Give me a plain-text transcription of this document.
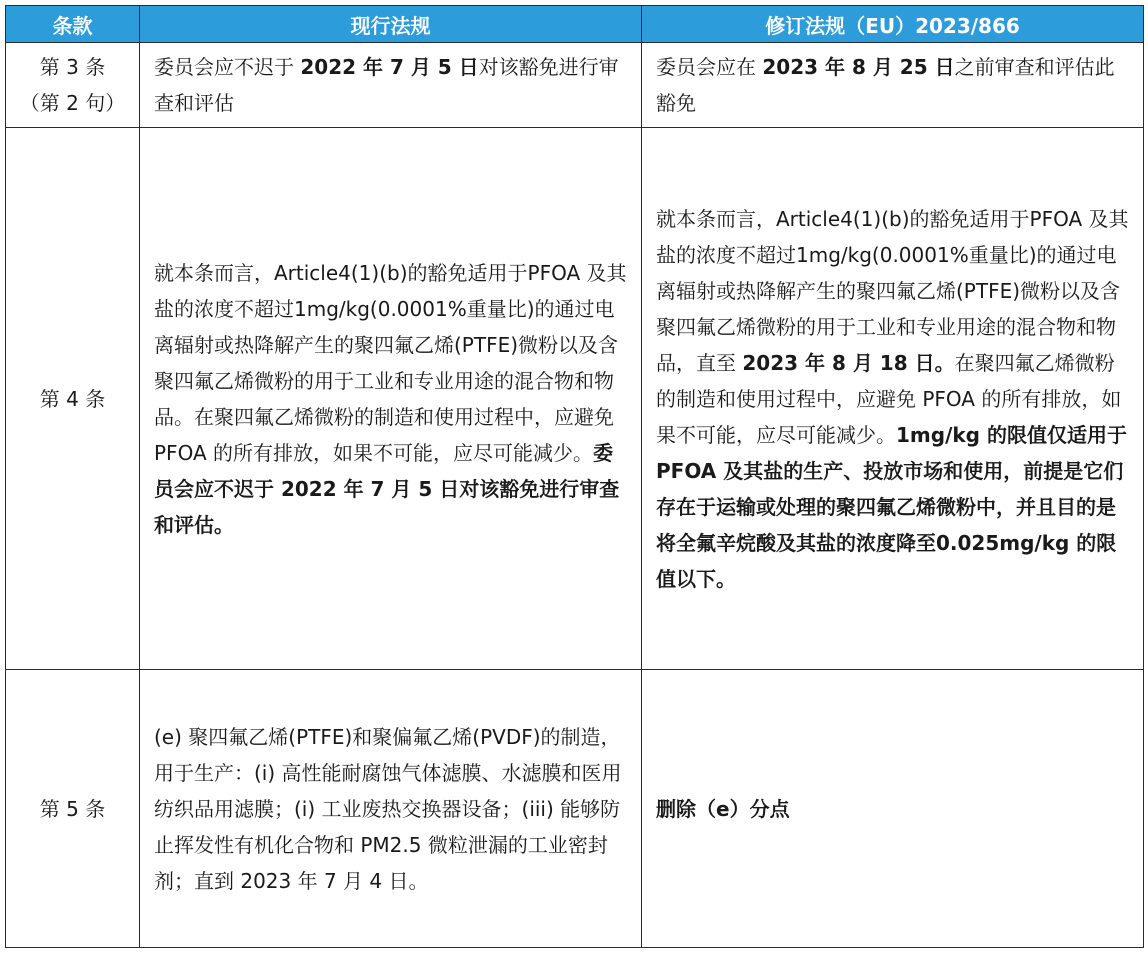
条款	现行法规	修订法规（EU）2023/866

第 3 条
（第 2 句）	委员会应不迟于 2022 年 7 月 5 日对该豁免进行审查和评估	委员会应在 2023 年 8 月 25 日之前审查和评估此豁免

第 4 条	就本条而言，Article4(1)(b)的豁免适用于PFOA 及其盐的浓度不超过1mg/kg(0.0001%重量比)的通过电离辐射或热降解产生的聚四氟乙烯(PTFE)微粉以及含聚四氟乙烯微粉的用于工业和专业用途的混合物和物品。在聚四氟乙烯微粉的制造和使用过程中，应避免 PFOA 的所有排放，如果不可能，应尽可能减少。委员会应不迟于 2022 年 7 月 5 日对该豁免进行审查和评估。	就本条而言，Article4(1)(b)的豁免适用于PFOA 及其盐的浓度不超过1mg/kg(0.0001%重量比)的通过电离辐射或热降解产生的聚四氟乙烯(PTFE)微粉以及含聚四氟乙烯微粉的用于工业和专业用途的混合物和物品，直至 2023 年 8 月 18 日。在聚四氟乙烯微粉的制造和使用过程中，应避免 PFOA 的所有排放，如果不可能，应尽可能减少。1mg/kg 的限值仅适用于 PFOA 及其盐的生产、投放市场和使用，前提是它们存在于运输或处理的聚四氟乙烯微粉中，并且目的是将全氟辛烷酸及其盐的浓度降至0.025mg/kg 的限值以下。

第 5 条	(e) 聚四氟乙烯(PTFE)和聚偏氟乙烯(PVDF)的制造，用于生产：(i) 高性能耐腐蚀气体滤膜、水滤膜和医用纺织品用滤膜；(i) 工业废热交换器设备；(iii) 能够防止挥发性有机化合物和 PM2.5 微粒泄漏的工业密封剂；直到 2023 年 7 月 4 日。	删除（e）分点
